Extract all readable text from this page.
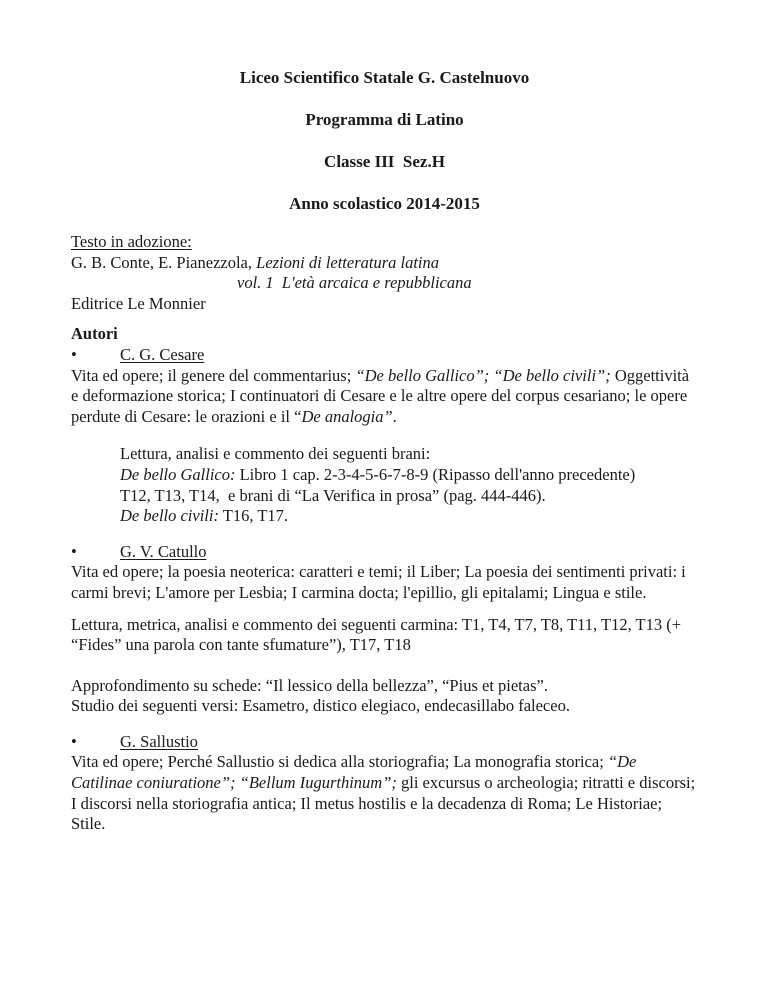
Liceo Scientifico Statale G. Castelnuovo
Programma di Latino
Classe III  Sez.H
Anno scolastico 2014-2015
Testo in adozione:
G. B. Conte, E. Pianezzola, Lezioni di letteratura latina
vol. 1  L'età arcaica e repubblicana
Editrice Le Monnier
Autori
•	C. G. Cesare

Vita ed opere; il genere del commentarius; “De bello Gallico”; “De bello civili”; Oggettività e deformazione storica; I continuatori di Cesare e le altre opere del corpus cesariano; le opere perdute di Cesare: le orazioni e il “De analogia”.

Lettura, analisi e commento dei seguenti brani:
De bello Gallico: Libro 1 cap. 2-3-4-5-6-7-8-9 (Ripasso dell'anno precedente)
T12, T13, T14,  e brani di “La Verifica in prosa” (pag. 444-446).
De bello civili: T16, T17.
•	G. V. Catullo

Vita ed opere; la poesia neoterica: caratteri e temi; il Liber; La poesia dei sentimenti privati: i carmi brevi; L'amore per Lesbia; I carmina docta; l'epillio, gli epitalami; Lingua e stile.

Lettura, metrica, analisi e commento dei seguenti carmina: T1, T4, T7, T8, T11, T12, T13 (+ “Fides” una parola con tante sfumature”), T17, T18

Approfondimento su schede: “Il lessico della bellezza”, “Pius et pietas”.

Studio dei seguenti versi: Esametro, distico elegiaco, endecasillabo faleceo.

•	G. Sallustio

Vita ed opere; Perché Sallustio si dedica alla storiografia; La monografia storica; “De Catilinae coniuratione”; “Bellum Iugurthinum”; gli excursus o archeologia; ritratti e discorsi; I discorsi nella storiografia antica; Il metus hostilis e la decadenza di Roma; Le Historiae; Stile.
